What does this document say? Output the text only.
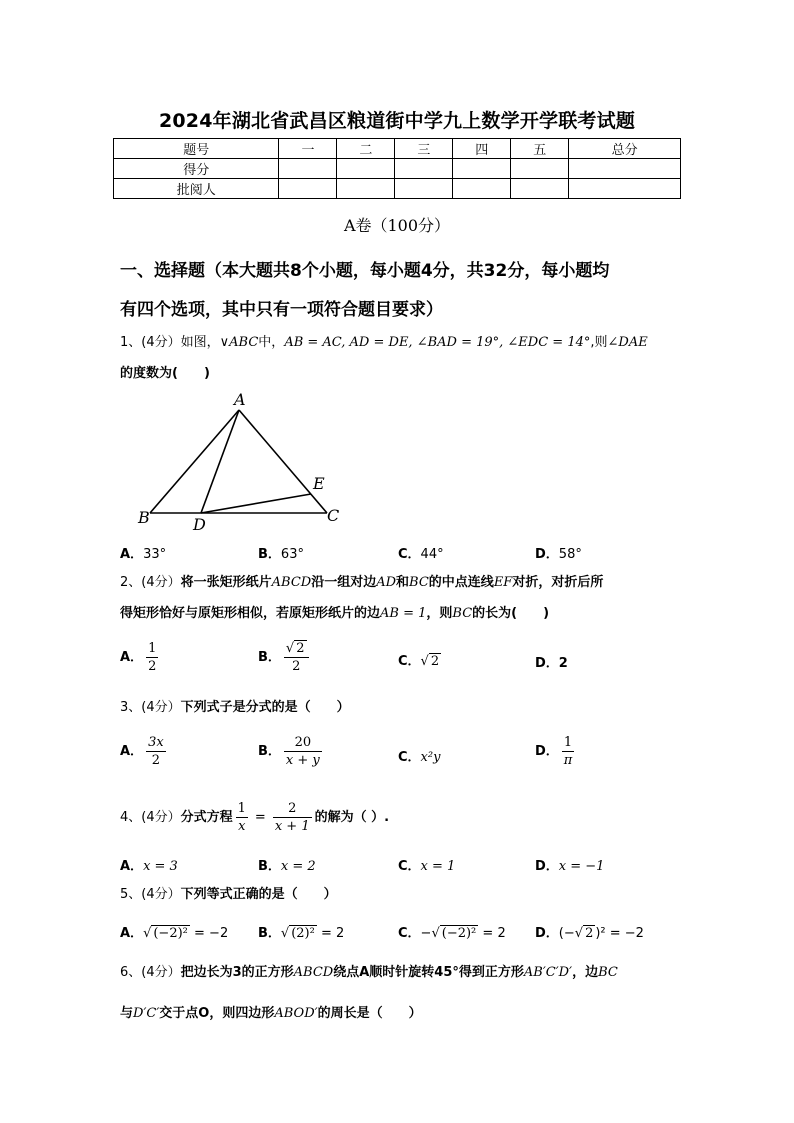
2024年湖北省武昌区粮道街中学九上数学开学联考试题
题号	一	二	三	四	五	总分
得分						
批阅人						
A卷（100分）
一、选择题（本大题共8个小题，每小题4分，共32分，每小题均
有四个选项，其中只有一项符合题目要求）
1、(4分）如图，∨ABC中，AB = AC, AD = DE, ∠BAD = 19°, ∠EDC = 14°,则∠DAE
的度数为(　　)
A
B	C
D
E
A．33°	B．63°	C．44°	D．58°
2、(4分）将一张矩形纸片ABCD沿一组对边AD和BC的中点连线EF对折，对折后所
得矩形恰好与原矩形相似，若原矩形纸片的边AB = 1，则BC的长为(　　)
A． $\frac{1}{2}$	B． $\frac{√ 2}{2}$	C．√ 2	D．2
3、(4分）下列式子是分式的是（　　）
A． $\frac{3x}{2}$	B． $\frac{20}{x + y}$	C．x²y	D． $\frac{1}{\pi}$
4、(4分）分式方程 $\frac{1}{x} = \frac{2}{x + 1}$ 的解为（ ）.
A．x = 3	B．x = 2	C．x = 1	D．x = −1
5、(4分）下列等式正确的是（　　）
A．√ (−2)² = −2 B．√ (2)² = 2	C．−√ (−2)² = 2 D．(−√ 2 )² = −2
6、(4分）把边长为3的正方形ABCD绕点A顺时针旋转45°得到正方形AB′C′D′，边BC
与D′C′交于点O，则四边形ABOD′的周长是（　　）
